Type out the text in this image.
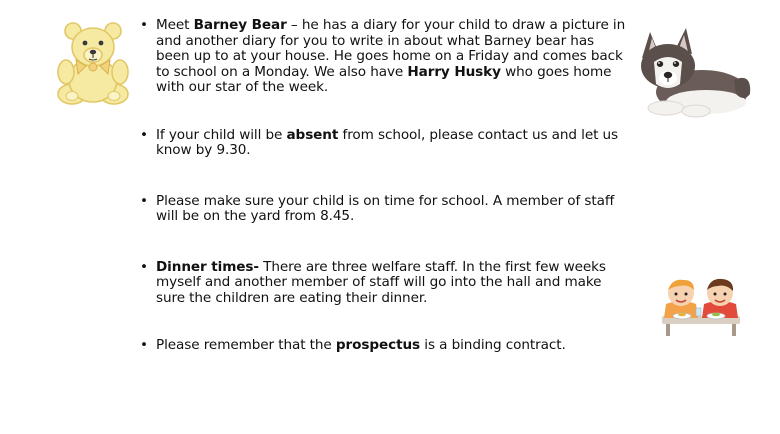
• Meet Barney Bear – he has a diary for your child to draw a picture in and another diary for you to write in about what Barney bear has been up to at your house. He goes home on a Friday and comes back to school on a Monday. We also have Harry Husky who goes home with our star of the week.
• If your child will be absent from school, please contact us and let us know by 9.30.
• Please make sure your child is on time for school. A member of staff will be on the yard from 8.45.
• Dinner times- There are three welfare staff. In the first few weeks myself and another member of staff will go into the hall and make sure the children are eating their dinner.
• Please remember that the prospectus is a binding contract.
